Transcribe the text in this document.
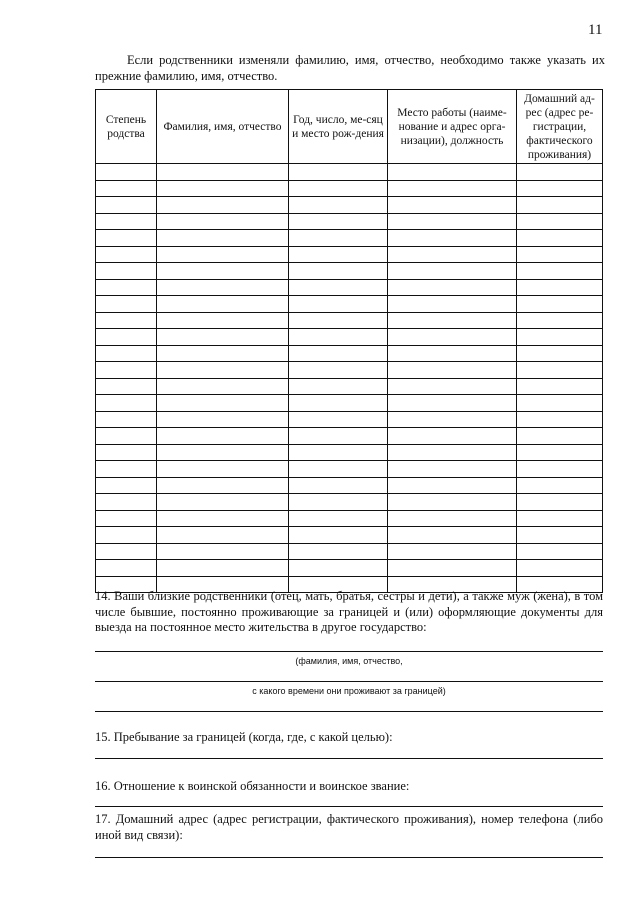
11
Если родственники изменяли фамилию, имя, отчество, необходимо также указать их прежние фамилию, имя, отчество.
Степень родства	Фамилия, имя, отчество	Год, число, ме-сяц и место рож-дения	Место работы (наиме-нование и адрес орга-низации), должность	Домашний ад-рес (адрес ре-гистрации, фактического проживания)

14. Ваши близкие родственники (отец, мать, братья, сестры и дети), а также муж (жена), в том числе бывшие, постоянно проживающие за границей и (или) оформляющие документы для выезда на постоянное место жительства в другое государство:
(фамилия, имя, отчество,
с какого времени они проживают за границей)
15. Пребывание за границей (когда, где, с какой целью):
16. Отношение к воинской обязанности и воинское звание:
17. Домашний адрес (адрес регистрации, фактического проживания), номер телефона (либо иной вид связи):
